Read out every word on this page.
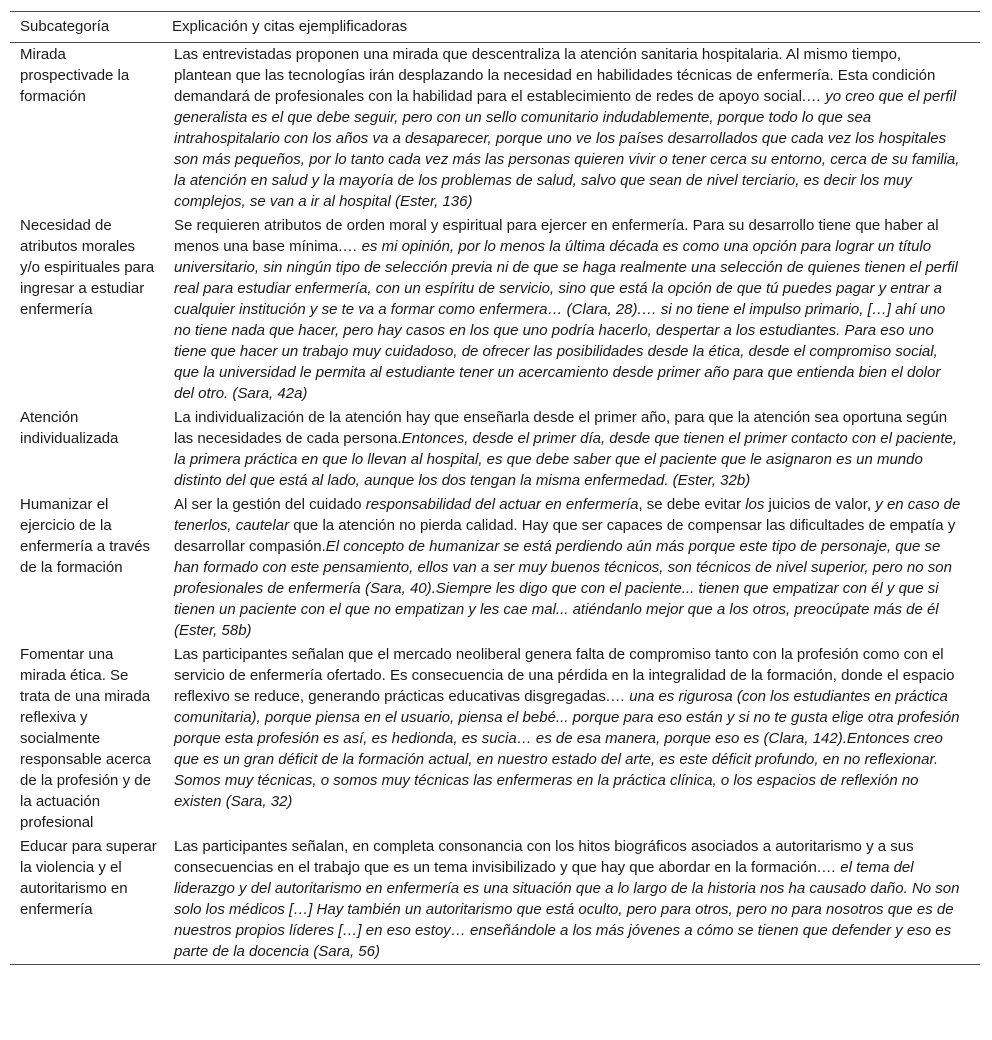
Subcategoría	Explicación y citas ejemplificadoras
Mirada prospectivade la formación	Las entrevistadas proponen una mirada que descentraliza la atención sanitaria hospitalaria. Al mismo tiempo, plantean que las tecnologías irán desplazando la necesidad en habilidades técnicas de enfermería. Esta condición demandará de profesionales con la habilidad para el establecimiento de redes de apoyo social.… yo creo que el perfil generalista es el que debe seguir, pero con un sello comunitario indudablemente, porque todo lo que sea intrahospitalario con los años va a desaparecer, porque uno ve los países desarrollados que cada vez los hospitales son más pequeños, por lo tanto cada vez más las personas quieren vivir o tener cerca su entorno, cerca de su familia, la atención en salud y la mayoría de los problemas de salud, salvo que sean de nivel terciario, es decir los muy complejos, se van a ir al hospital (Ester, 136)
Necesidad de atributos morales y/o espirituales para ingresar a estudiar enfermería	Se requieren atributos de orden moral y espiritual para ejercer en enfermería. Para su desarrollo tiene que haber al menos una base mínima.… es mi opinión, por lo menos la última década es como una opción para lograr un título universitario, sin ningún tipo de selección previa ni de que se haga realmente una selección de quienes tienen el perfil real para estudiar enfermería, con un espíritu de servicio, sino que está la opción de que tú puedes pagar y entrar a cualquier institución y se te va a formar como enfermera… (Clara, 28).… si no tiene el impulso primario, […] ahí uno no tiene nada que hacer, pero hay casos en los que uno podría hacerlo, despertar a los estudiantes. Para eso uno tiene que hacer un trabajo muy cuidadoso, de ofrecer las posibilidades desde la ética, desde el compromiso social, que la universidad le permita al estudiante tener un acercamiento desde primer año para que entienda bien el dolor del otro. (Sara, 42a)
Atención individualizada	La individualización de la atención hay que enseñarla desde el primer año, para que la atención sea oportuna según las necesidades de cada persona.Entonces, desde el primer día, desde que tienen el primer contacto con el paciente, la primera práctica en que lo llevan al hospital, es que debe saber que el paciente que le asignaron es un mundo distinto del que está al lado, aunque los dos tengan la misma enfermedad. (Ester, 32b)
Humanizar el ejercicio de la enfermería a través de la formación	Al ser la gestión del cuidado responsabilidad del actuar en enfermería, se debe evitar los juicios de valor, y en caso de tenerlos, cautelar que la atención no pierda calidad. Hay que ser capaces de compensar las dificultades de empatía y desarrollar compasión.El concepto de humanizar se está perdiendo aún más porque este tipo de personaje, que se han formado con este pensamiento, ellos van a ser muy buenos técnicos, son técnicos de nivel superior, pero no son profesionales de enfermería (Sara, 40).Siempre les digo que con el paciente... tienen que empatizar con él y que si tienen un paciente con el que no empatizan y les cae mal... atiéndanlo mejor que a los otros, preocúpate más de él (Ester, 58b)
Fomentar una mirada ética. Se trata de una mirada reflexiva y socialmente responsable acerca de la profesión y de la actuación profesional	Las participantes señalan que el mercado neoliberal genera falta de compromiso tanto con la profesión como con el servicio de enfermería ofertado. Es consecuencia de una pérdida en la integralidad de la formación, donde el espacio reflexivo se reduce, generando prácticas educativas disgregadas.… una es rigurosa (con los estudiantes en práctica comunitaria), porque piensa en el usuario, piensa el bebé... porque para eso están y si no te gusta elige otra profesión porque esta profesión es así, es hedionda, es sucia… es de esa manera, porque eso es (Clara, 142).Entonces creo que es un gran déficit de la formación actual, en nuestro estado del arte, es este déficit profundo, en no reflexionar. Somos muy técnicas, o somos muy técnicas las enfermeras en la práctica clínica, o los espacios de reflexión no existen (Sara, 32)
Educar para superar la violencia y el autoritarismo en enfermería	Las participantes señalan, en completa consonancia con los hitos biográficos asociados a autoritarismo y a sus consecuencias en el trabajo que es un tema invisibilizado y que hay que abordar en la formación.… el tema del liderazgo y del autoritarismo en enfermería es una situación que a lo largo de la historia nos ha causado daño. No son solo los médicos […] Hay también un autoritarismo que está oculto, pero para otros, pero no para nosotros que es de nuestros propios líderes […] en eso estoy… enseñándole a los más jóvenes a cómo se tienen que defender y eso es parte de la docencia (Sara, 56)
